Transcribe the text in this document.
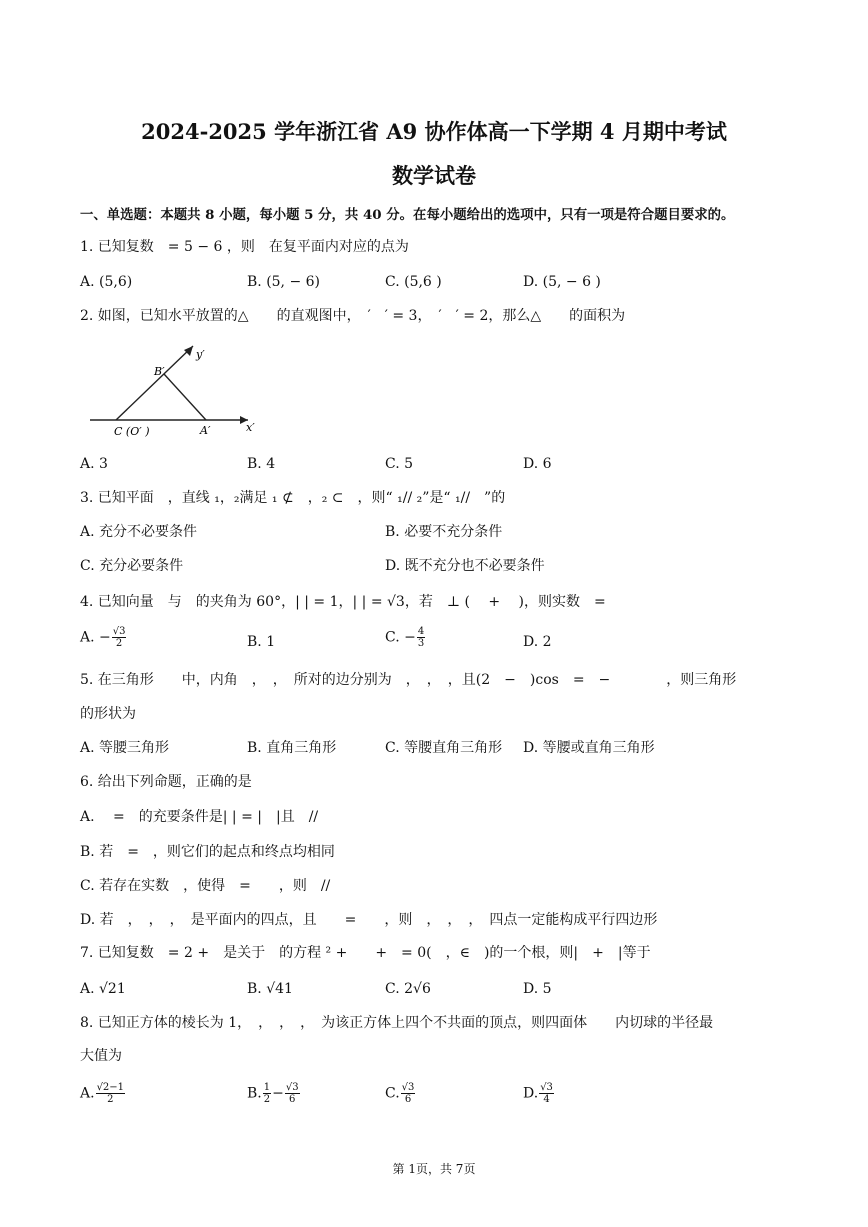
2024-2025 学年浙江省 A9 协作体高一下学期 4 月期中考试
数学试卷
一、单选题：本题共 8 小题，每小题 5 分，共 40 分。在每小题给出的选项中，只有一项是符合题目要求的。
1. 已知复数　= 5 − 6 ，则　在复平面内对应的点为
A. (5,6)	B. (5, − 6)	C. (5,6 )	D. (5, − 6 )
2. 如图，已知水平放置的△　　的直观图中，　′　′ = 3，　′　′ = 2，那么△　　的面积为
y′
B′
C (O′ )	A′	x′
A. 3	B. 4	C. 5	D. 6
3. 已知平面　，直线 ₁，₂满足 ₁ ⊄　，₂ ⊂　，则“ ₁// ₂”是“ ₁//　”的
A. 充分不必要条件	B. 必要不充分条件
C. 充分必要条件	D. 既不充分也不必要条件
4. 已知向量　与　的夹角为 60°，| | = 1，| | = √3，若　⊥ (　 + 　)，则实数　=
A. − $\frac{√3}{2}$	B. 1	C. − $\frac{4}{3}$	D. 2
5. 在三角形　　中，内角　，　，　所对的边分别为　，　，　，且(2　−　)cos　=　−　　　　，则三角形
的形状为
A. 等腰三角形	B. 直角三角形	C. 等腰直角三角形 D. 等腰或直角三角形
6. 给出下列命题，正确的是
A. 　=　的充要条件是| | = |　|且　//
B. 若　=　，则它们的起点和终点均相同
C. 若存在实数　，使得　=　　，则　//
D. 若　，　，　，　是平面内的四点，且　　=　　，则　，　，　，　四点一定能构成平行四边形
7. 已知复数　= 2 +　是关于　的方程 ² +　　+　= 0(　，∈　)的一个根，则|　+　|等于
A. √21	B. √41	C. 2√6	D. 5
8. 已知正方体的棱长为 1，　，　，　，　为该正方体上四个不共面的顶点，则四面体　　内切球的半径最
大值为
A. $\frac{√2-1}{2}$	B. $\frac{1}{2} - \frac{√3}{6}$	C. $\frac{√3}{6}$	D. $\frac{√3}{4}$
第 1页，共 7页
